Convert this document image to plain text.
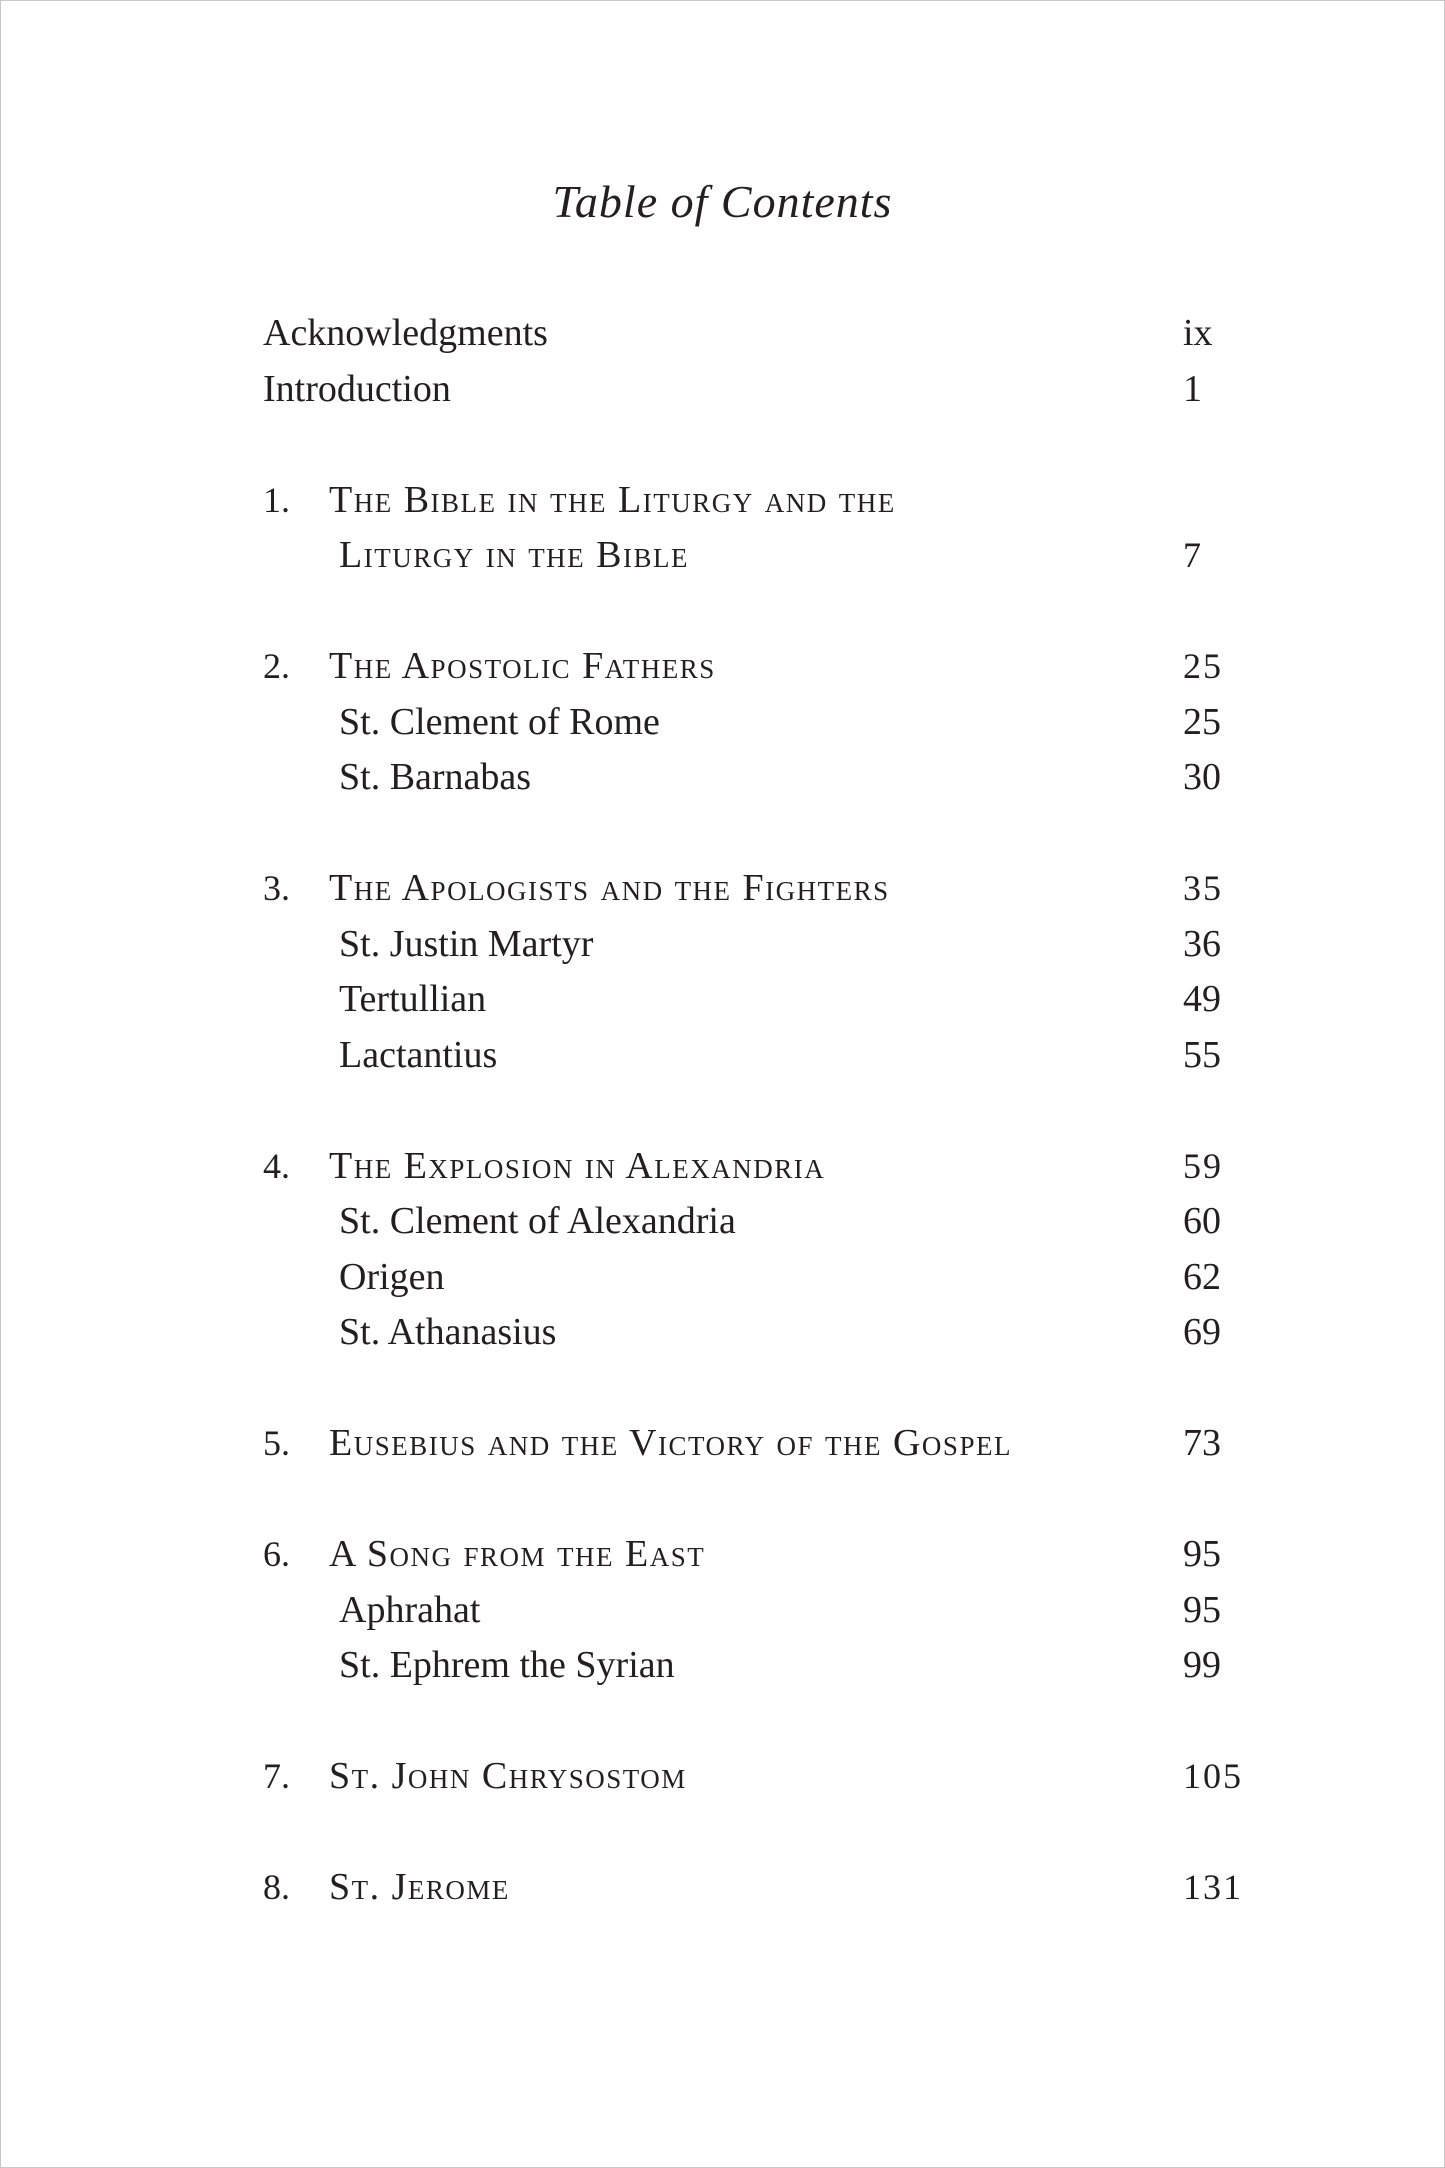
Table of Contents
Acknowledgments	ix
Introduction	1
1.	The Bible in the Liturgy and the
Liturgy in the Bible	7
2.	The Apostolic Fathers	25
St. Clement of Rome	25
St. Barnabas	30
3.	The Apologists and the Fighters	35
St. Justin Martyr	36
Tertullian	49
Lactantius	55
4.	The Explosion in Alexandria	59
St. Clement of Alexandria	60
Origen	62
St. Athanasius	69
5.	Eusebius and the Victory of the Gospel	73
6.	A Song from the East	95
Aphrahat	95
St. Ephrem the Syrian	99
7.	St. John Chrysostom	105
8.	St. Jerome	131
